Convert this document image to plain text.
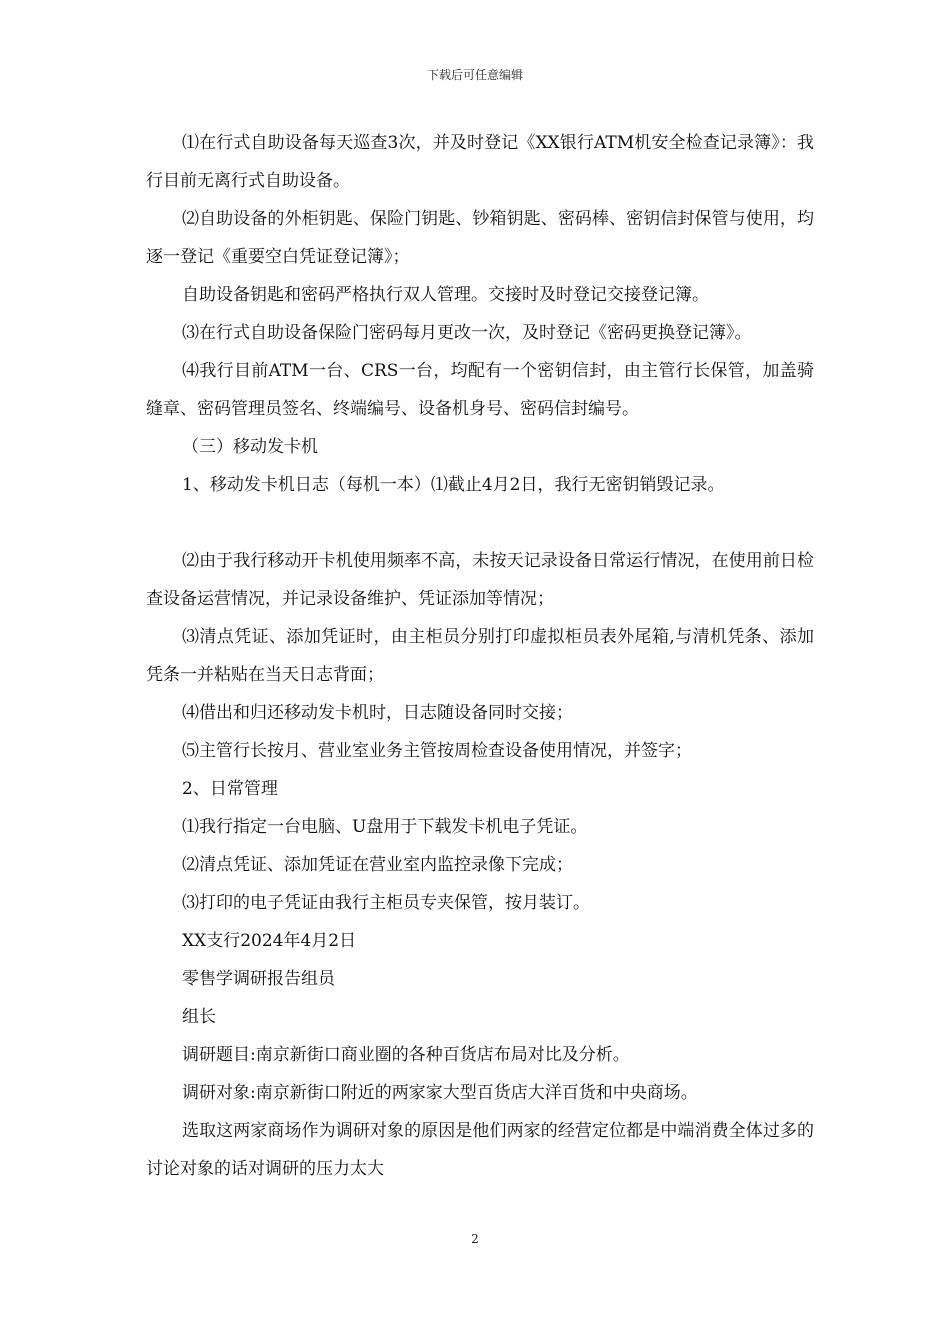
下载后可任意编辑

⑴在行式自助设备每天巡查3次，并及时登记《XX银行ATM机安全检查记录簿》：我行目前无离行式自助设备。

⑵自助设备的外柜钥匙、保险门钥匙、钞箱钥匙、密码棒、密钥信封保管与使用，均逐一登记《重要空白凭证登记簿》；

自助设备钥匙和密码严格执行双人管理。交接时及时登记交接登记簿。

⑶在行式自助设备保险门密码每月更改一次，及时登记《密码更换登记簿》。

⑷我行目前ATM一台、CRS一台，均配有一个密钥信封，由主管行长保管，加盖骑缝章、密码管理员签名、终端编号、设备机身号、密码信封编号。

（三）移动发卡机

1、移动发卡机日志（每机一本）⑴截止4月2日，我行无密钥销毁记录。

⑵由于我行移动开卡机使用频率不高，未按天记录设备日常运行情况，在使用前日检查设备运营情况，并记录设备维护、凭证添加等情况；

⑶清点凭证、添加凭证时，由主柜员分别打印虚拟柜员表外尾箱,与清机凭条、添加凭条一并粘贴在当天日志背面；

⑷借出和归还移动发卡机时，日志随设备同时交接；

⑸主管行长按月、营业室业务主管按周检查设备使用情况，并签字；

2、日常管理

⑴我行指定一台电脑、U盘用于下载发卡机电子凭证。

⑵清点凭证、添加凭证在营业室内监控录像下完成；

⑶打印的电子凭证由我行主柜员专夹保管，按月装订。

XX支行2024年4月2日

零售学调研报告组员

组长

调研题目:南京新街口商业圈的各种百货店布局对比及分析。

调研对象:南京新街口附近的两家家大型百货店大洋百货和中央商场。

选取这两家商场作为调研对象的原因是他们两家的经营定位都是中端消费全体过多的讨论对象的话对调研的压力太大

2
